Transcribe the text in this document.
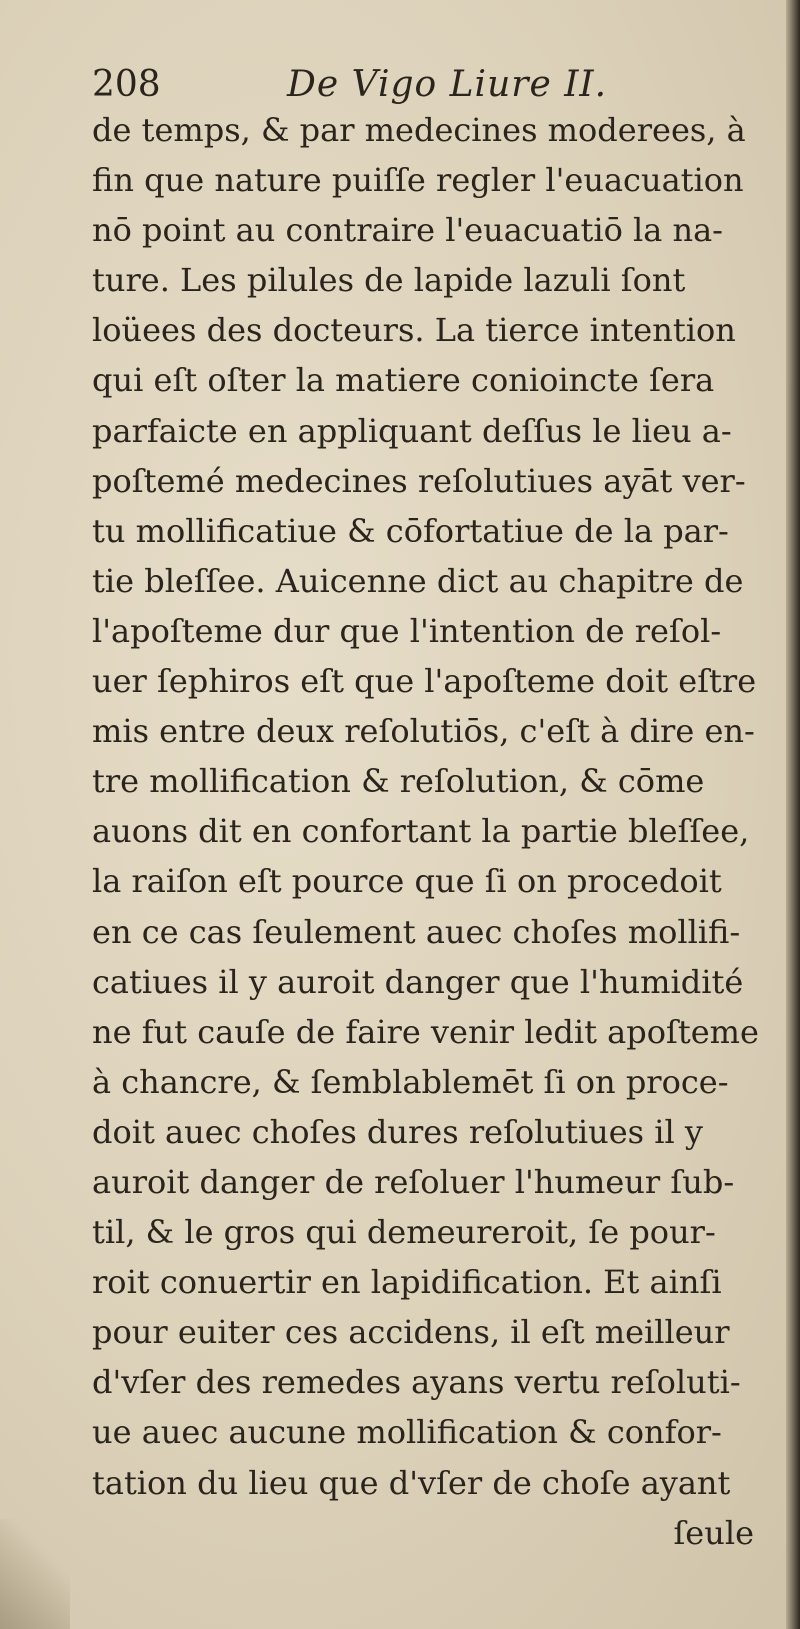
208	De Vigo Liure II.
de temps, & par medecines moderees, à
fin que nature puiſſe regler l'euacuation
nō point au contraire l'euacuatiō la na-
ture. Les pilules de lapide lazuli ſont
loüees des docteurs. La tierce intention
qui eſt oſter la matiere conioincte ſera
parfaicte en appliquant deſſus le lieu a-
poſtemé medecines reſolutiues ayāt ver-
tu mollificatiue & cōfortatiue de la par-
tie bleſſee. Auicenne dict au chapitre de
l'apoſteme dur que l'intention de reſol-
uer ſephiros eſt que l'apoſteme doit eſtre
mis entre deux reſolutiōs, c'eſt à dire en-
tre mollification & reſolution, & cōme
auons dit en confortant la partie bleſſee,
la raiſon eſt pource que ſi on procedoit
en ce cas ſeulement auec choſes mollifi-
catiues il y auroit danger que l'humidité
ne fut cauſe de faire venir ledit apoſteme
à chancre, & ſemblablemēt ſi on proce-
doit auec choſes dures reſolutiues il y
auroit danger de reſoluer l'humeur ſub-
til, & le gros qui demeureroit, ſe pour-
roit conuertir en lapidification. Et ainſi
pour euiter ces accidens, il eſt meilleur
d'vſer des remedes ayans vertu reſoluti-
ue auec aucune mollification & confor-
tation du lieu que d'vſer de choſe ayant
ſeule
